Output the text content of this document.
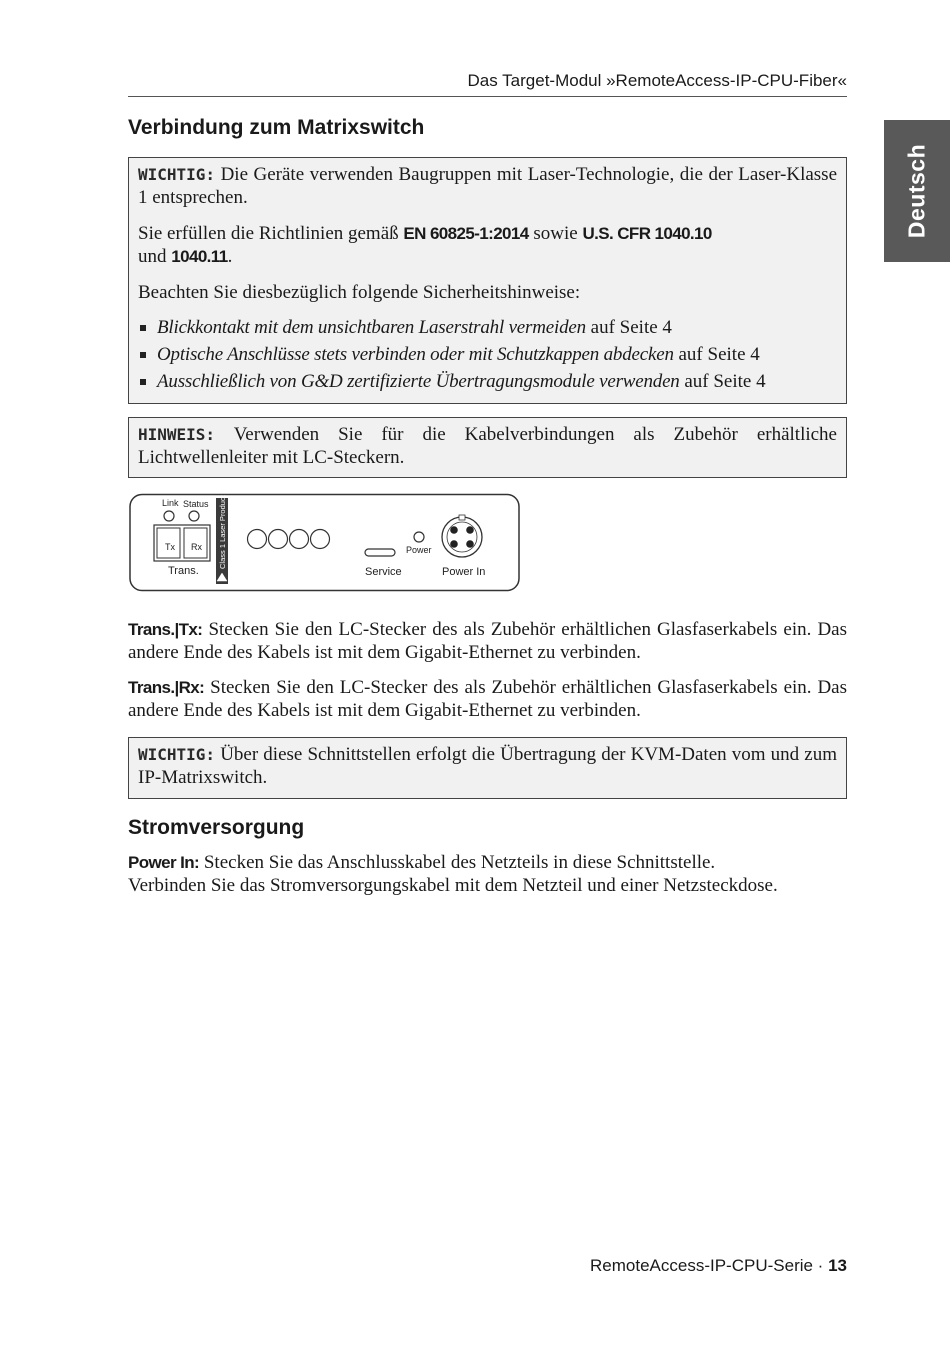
Das Target-Modul »RemoteAccess-IP-CPU-Fiber«
Deutsch
Verbindung zum Matrixswitch

WICHTIG: Die Geräte verwenden Baugruppen mit Laser-Technologie, die der Laser-Klasse 1 entsprechen.

Sie erfüllen die Richtlinien gemäß EN 60825-1:2014 sowie U.S. CFR 1040.10
und 1040.11.

Beachten Sie diesbezüglich folgende Sicherheitshinweise:

Blickkontakt mit dem unsichtbaren Laserstrahl vermeiden auf Seite 4
Optische Anschlüsse stets verbinden oder mit Schutzkappen abdecken auf Seite 4
Ausschließlich von G&D zertifizierte Übertragungsmodule verwenden auf Seite 4

HINWEIS: Verwenden Sie für die Kabelverbindungen als Zubehör erhältliche Lichtwellenleiter mit LC-Steckern.

Link Status
Tx Rx
Trans.
Class 1 Laser Product
Service
Power
Power In

Trans.|Tx: Stecken Sie den LC-Stecker des als Zubehör erhältlichen Glasfaserkabels ein. Das andere Ende des Kabels ist mit dem Gigabit-Ethernet zu verbinden.

Trans.|Rx: Stecken Sie den LC-Stecker des als Zubehör erhältlichen Glasfaserkabels ein. Das andere Ende des Kabels ist mit dem Gigabit-Ethernet zu verbinden.

WICHTIG: Über diese Schnittstellen erfolgt die Übertragung der KVM-Daten vom und zum IP-Matrixswitch.

Stromversorgung

Power In: Stecken Sie das Anschlusskabel des Netzteils in diese Schnittstelle.
Verbinden Sie das Stromversorgungskabel mit dem Netzteil und einer Netzsteckdose.

RemoteAccess-IP-CPU-Serie · 13
